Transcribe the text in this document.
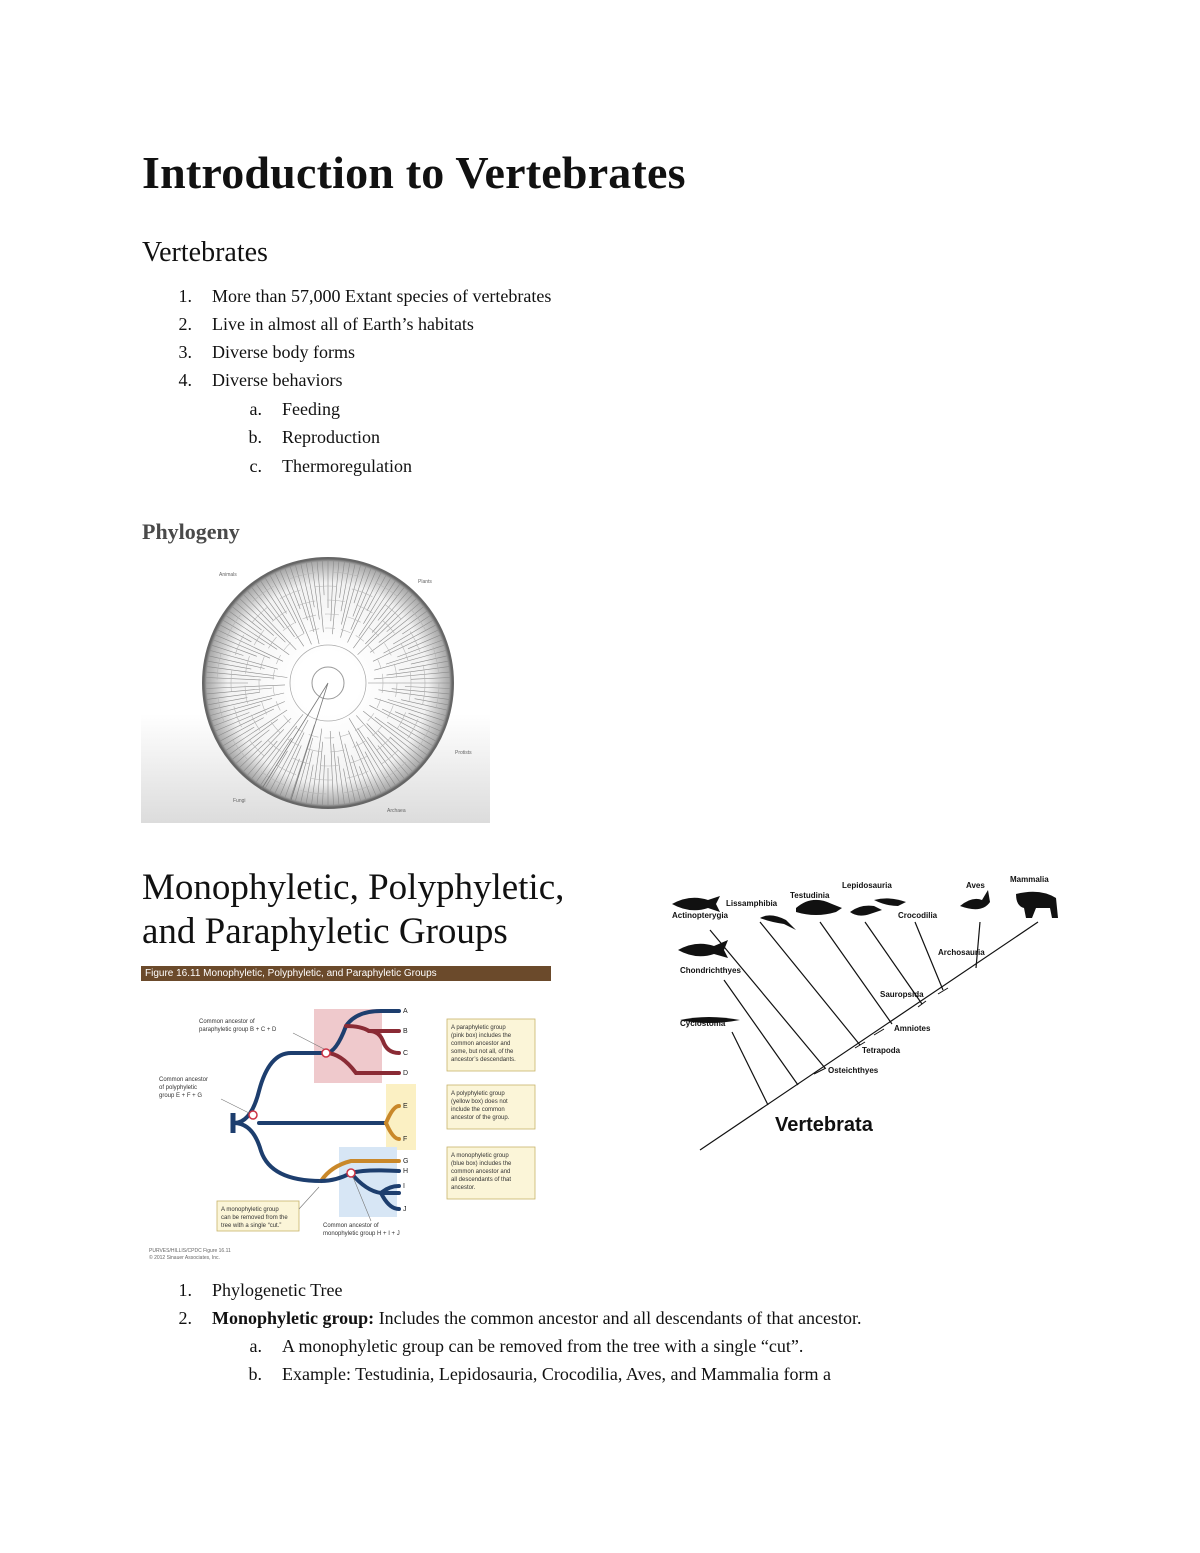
Introduction to Vertebrates
Vertebrates
1. More than 57,000 Extant species of vertebrates
2. Live in almost all of Earth’s habitats
3. Diverse body forms
4. Diverse behaviors
a. Feeding
b. Reproduction
c. Thermoregulation
Phylogeny
Animals
Plants
Protists
Fungi
Archaea
Monophyletic, Polyphyletic,
and Paraphyletic Groups
Figure 16.11 Monophyletic, Polyphyletic, and Paraphyletic Groups
A
B
C
D
E
F
G
H
I
J
A paraphyletic group
(pink box) includes the
common ancestor and
some, but not all, of the
ancestor’s descendants.
A polyphyletic group
(yellow box) does not
include the common
ancestor of the group.
A monophyletic group
(blue box) includes the
common ancestor and
all descendants of that
ancestor.
A monophyletic group
can be removed from the
tree with a single “cut.”
Common ancestor of
paraphyletic group B + C + D
Common ancestor
of polyphyletic
group E + F + G
Common ancestor of
monophyletic group H + I + J
PURVES/HILLIS/CPDC Figure 16.11
© 2012 Sinauer Associates, Inc.
Actinopterygia
Lissamphibia
Testudinia
Lepidosauria	Aves
Mammalia
Crocodilia
Chondrichthyes
Cyclostoma
Archosauria
Sauropsida
Amniotes
Tetrapoda
Osteichthyes
Vertebrata
1. Phylogenetic Tree
2. Monophyletic group: Includes the common ancestor and all descendants of that ancestor.
a. A monophyletic group can be removed from the tree with a single “cut”.
b. Example: Testudinia, Lepidosauria, Crocodilia, Aves, and Mammalia form a
